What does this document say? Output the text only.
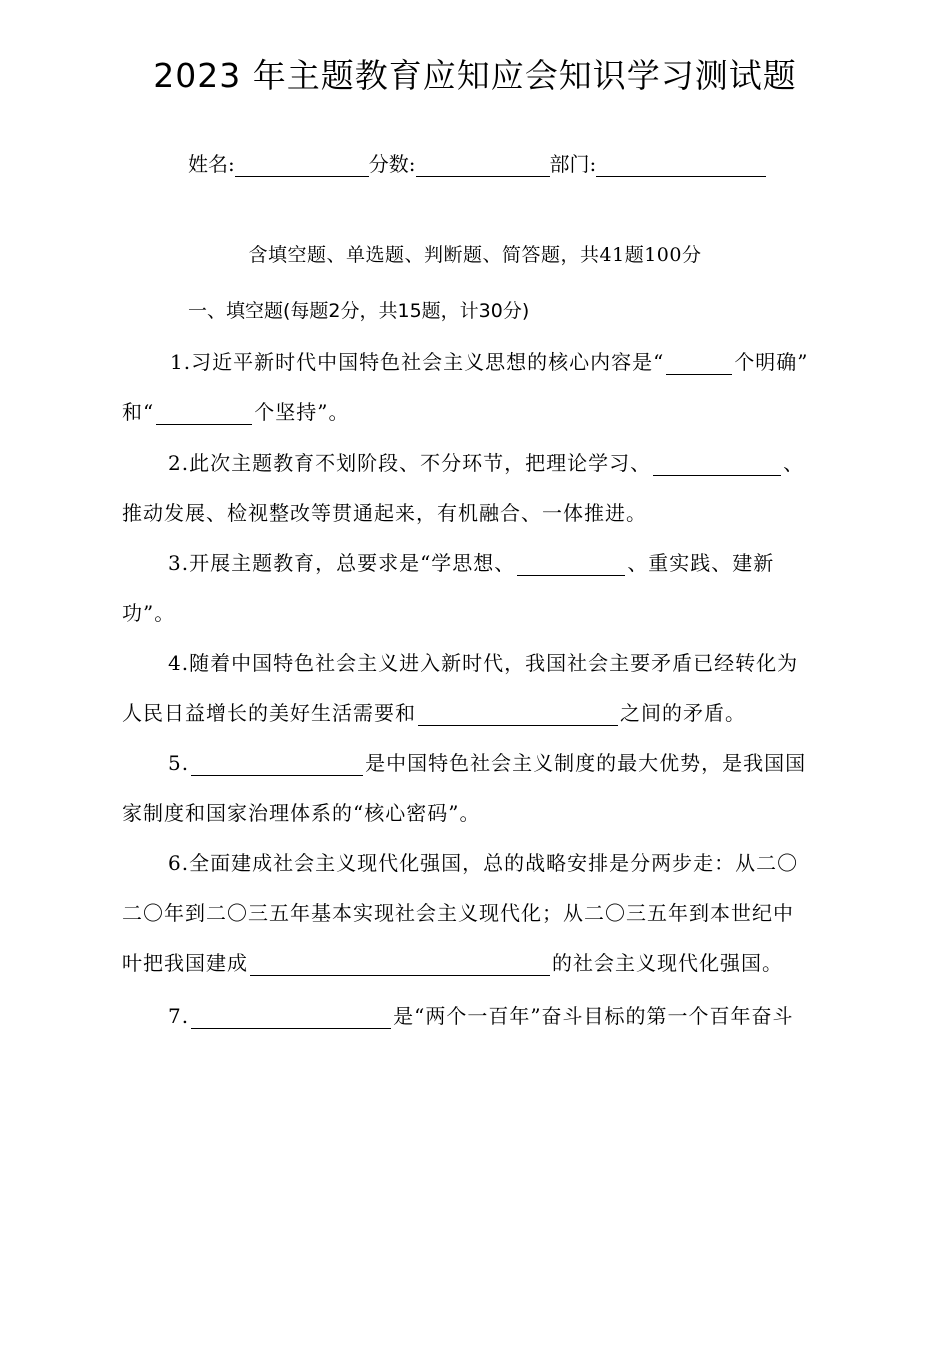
2023 年主题教育应知应会知识学习测试题
姓名:	分数:	部门:
含填空题、单选题、判断题、简答题，共41题100分
一、填空题(每题2分，共15题，计30分)
1.习近平新时代中国特色社会主义思想的核心内容是“	个明确”
和“	个坚持”。
2.此次主题教育不划阶段、不分环节，把理论学习、	、
推动发展、检视整改等贯通起来，有机融合、一体推进。
3.开展主题教育，总要求是“学思想、	、重实践、建新
功”。
4.随着中国特色社会主义进入新时代，我国社会主要矛盾已经转化为
人民日益增长的美好生活需要和	之间的矛盾。
5.	是中国特色社会主义制度的最大优势，是我国国
家制度和国家治理体系的“核心密码”。
6.全面建成社会主义现代化强国，总的战略安排是分两步走：从二〇
二〇年到二〇三五年基本实现社会主义现代化；从二〇三五年到本世纪中
叶把我国建成	的社会主义现代化强国。
7.	是“两个一百年”奋斗目标的第一个百年奋斗
